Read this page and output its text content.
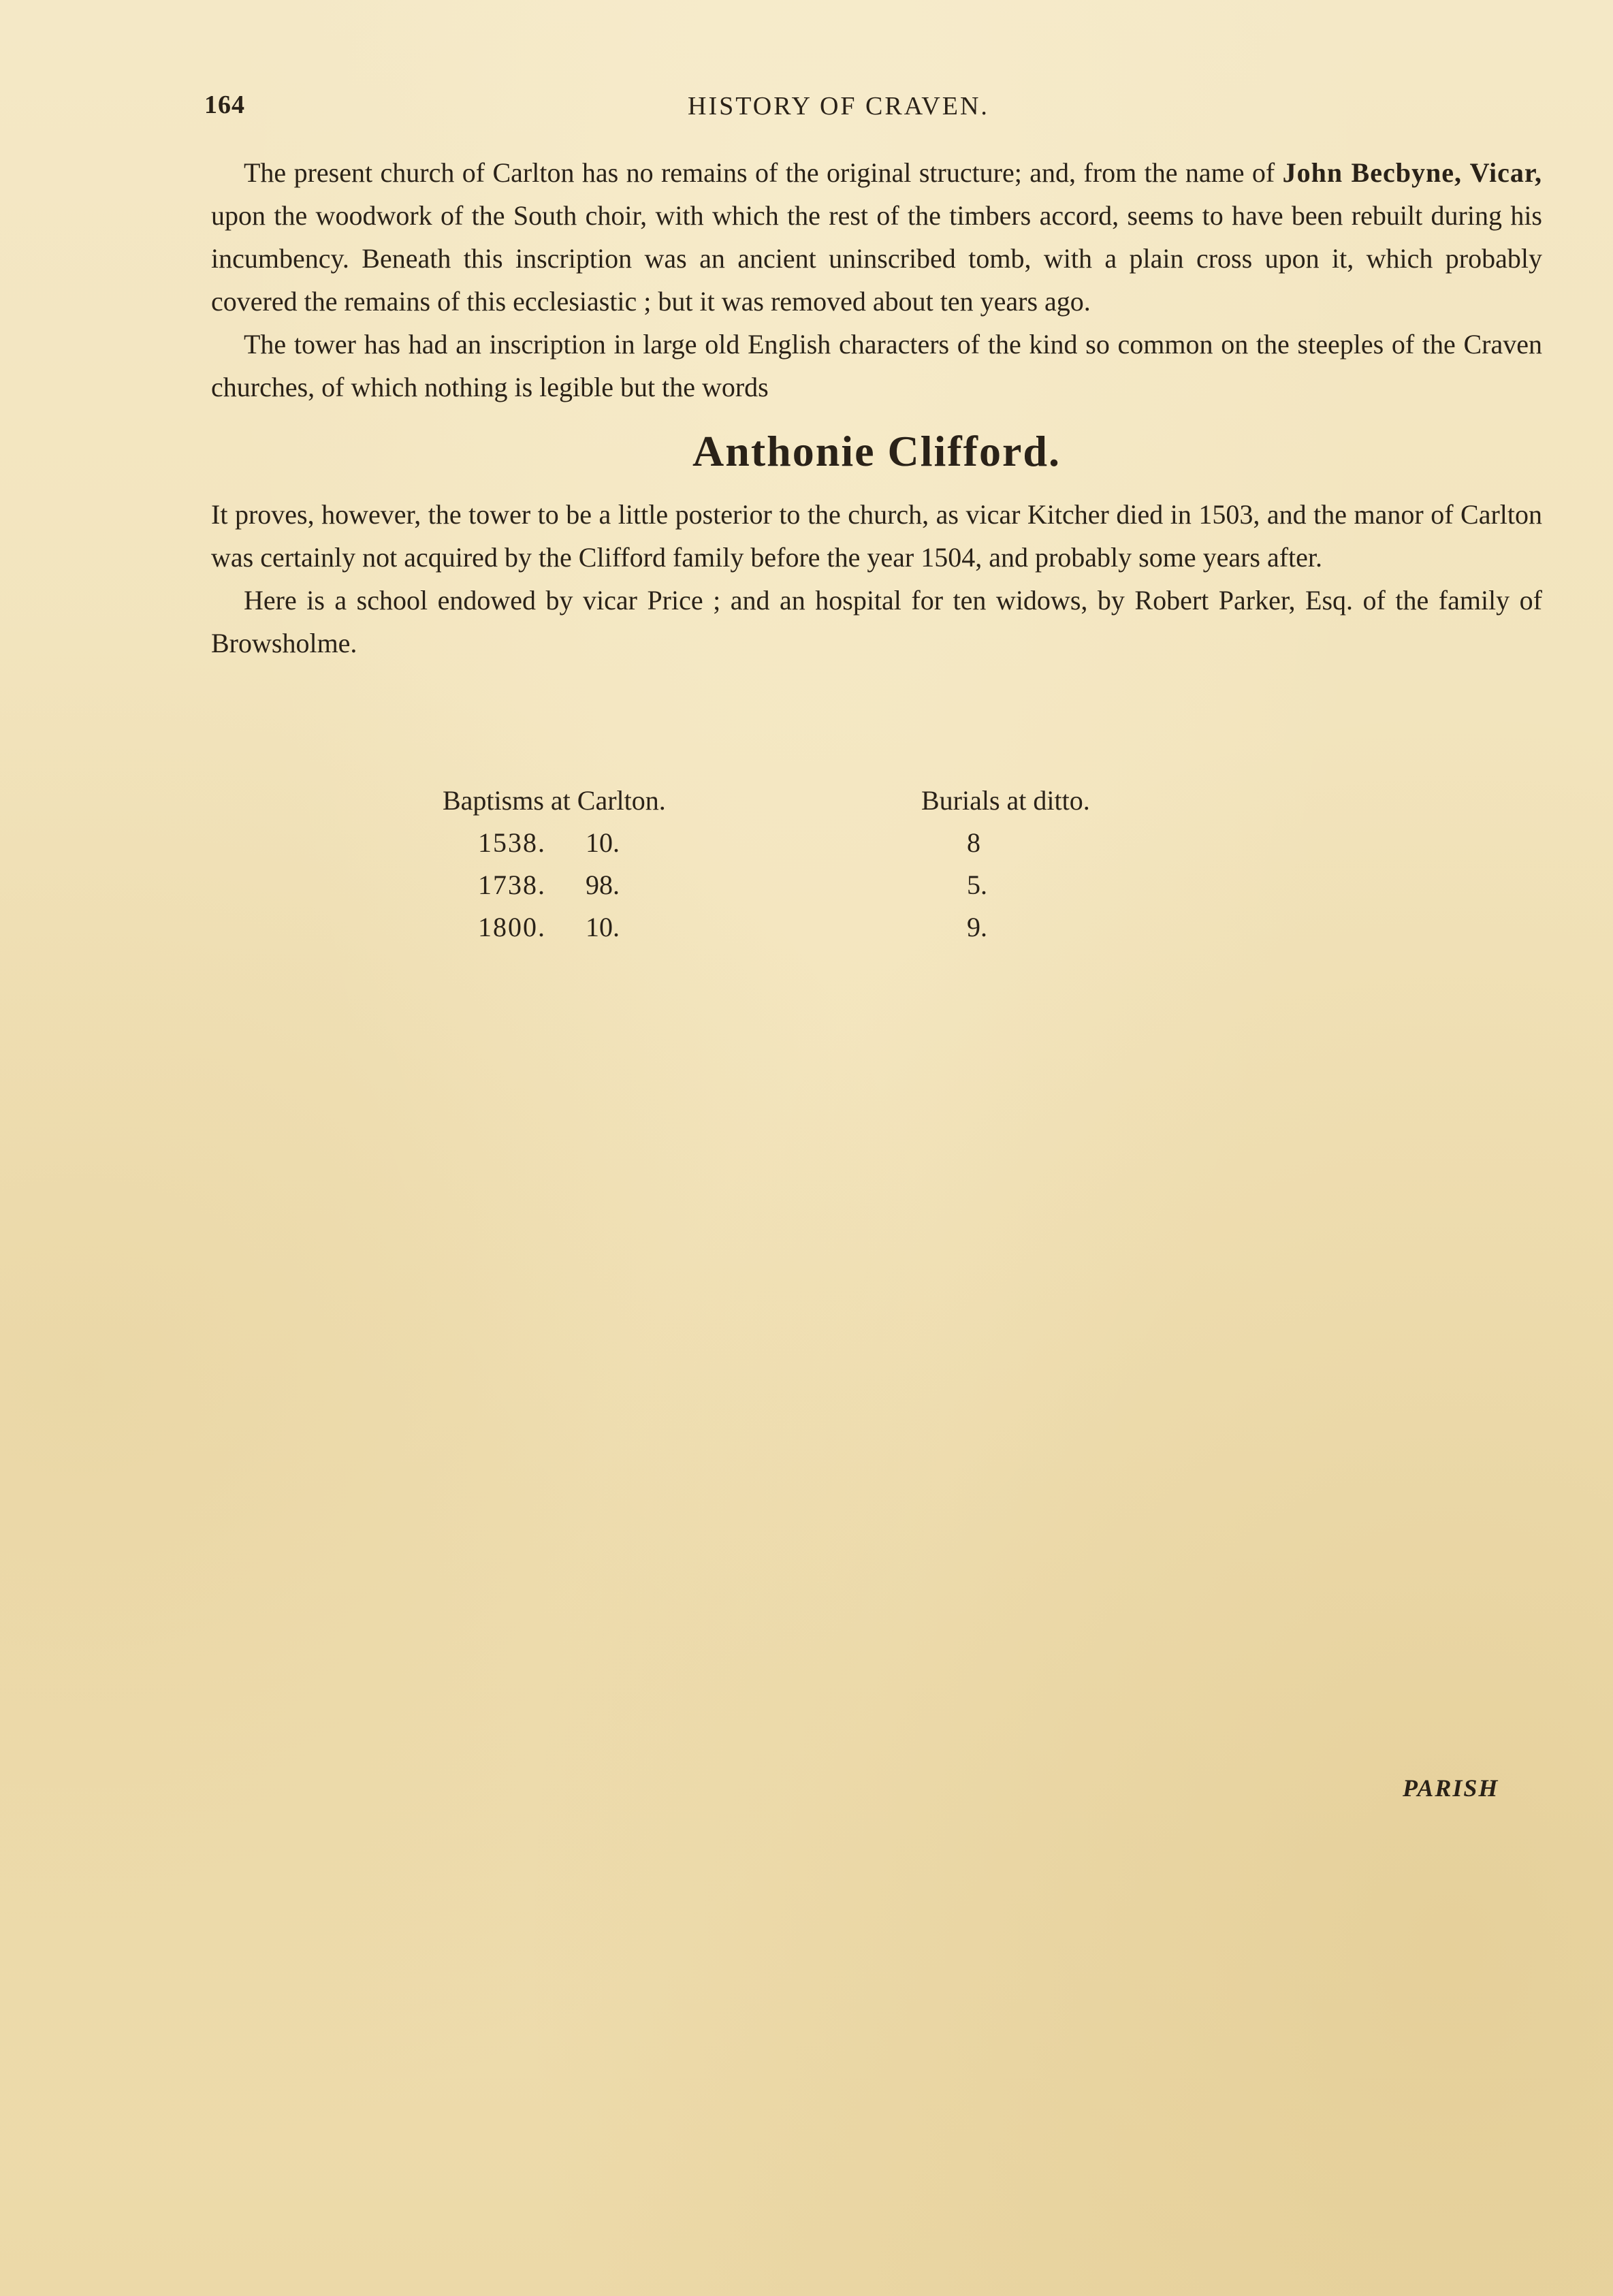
164	HISTORY OF CRAVEN.

The present church of Carlton has no remains of the original structure; and, from the name of John Becbyne, Vicar, upon the woodwork of the South choir, with which the rest of the timbers accord, seems to have been rebuilt during his incumbency. Beneath this inscription was an ancient uninscribed tomb, with a plain cross upon it, which probably covered the remains of this ecclesiastic ; but it was removed about ten years ago.

The tower has had an inscription in large old English characters of the kind so common on the steeples of the Craven churches, of which nothing is legible but the words

Anthonie Clifford.

It proves, however, the tower to be a little posterior to the church, as vicar Kitcher died in 1503, and the manor of Carlton was certainly not acquired by the Clifford family before the year 1504, and probably some years after.

Here is a school endowed by vicar Price ; and an hospital for ten widows, by Robert Parker, Esq. of the family of Browsholme.

Baptisms at Carlton.	Burials at ditto.
1538. 10.	8
1738. 98.	5.
1800. 10.	9.
PARISH
